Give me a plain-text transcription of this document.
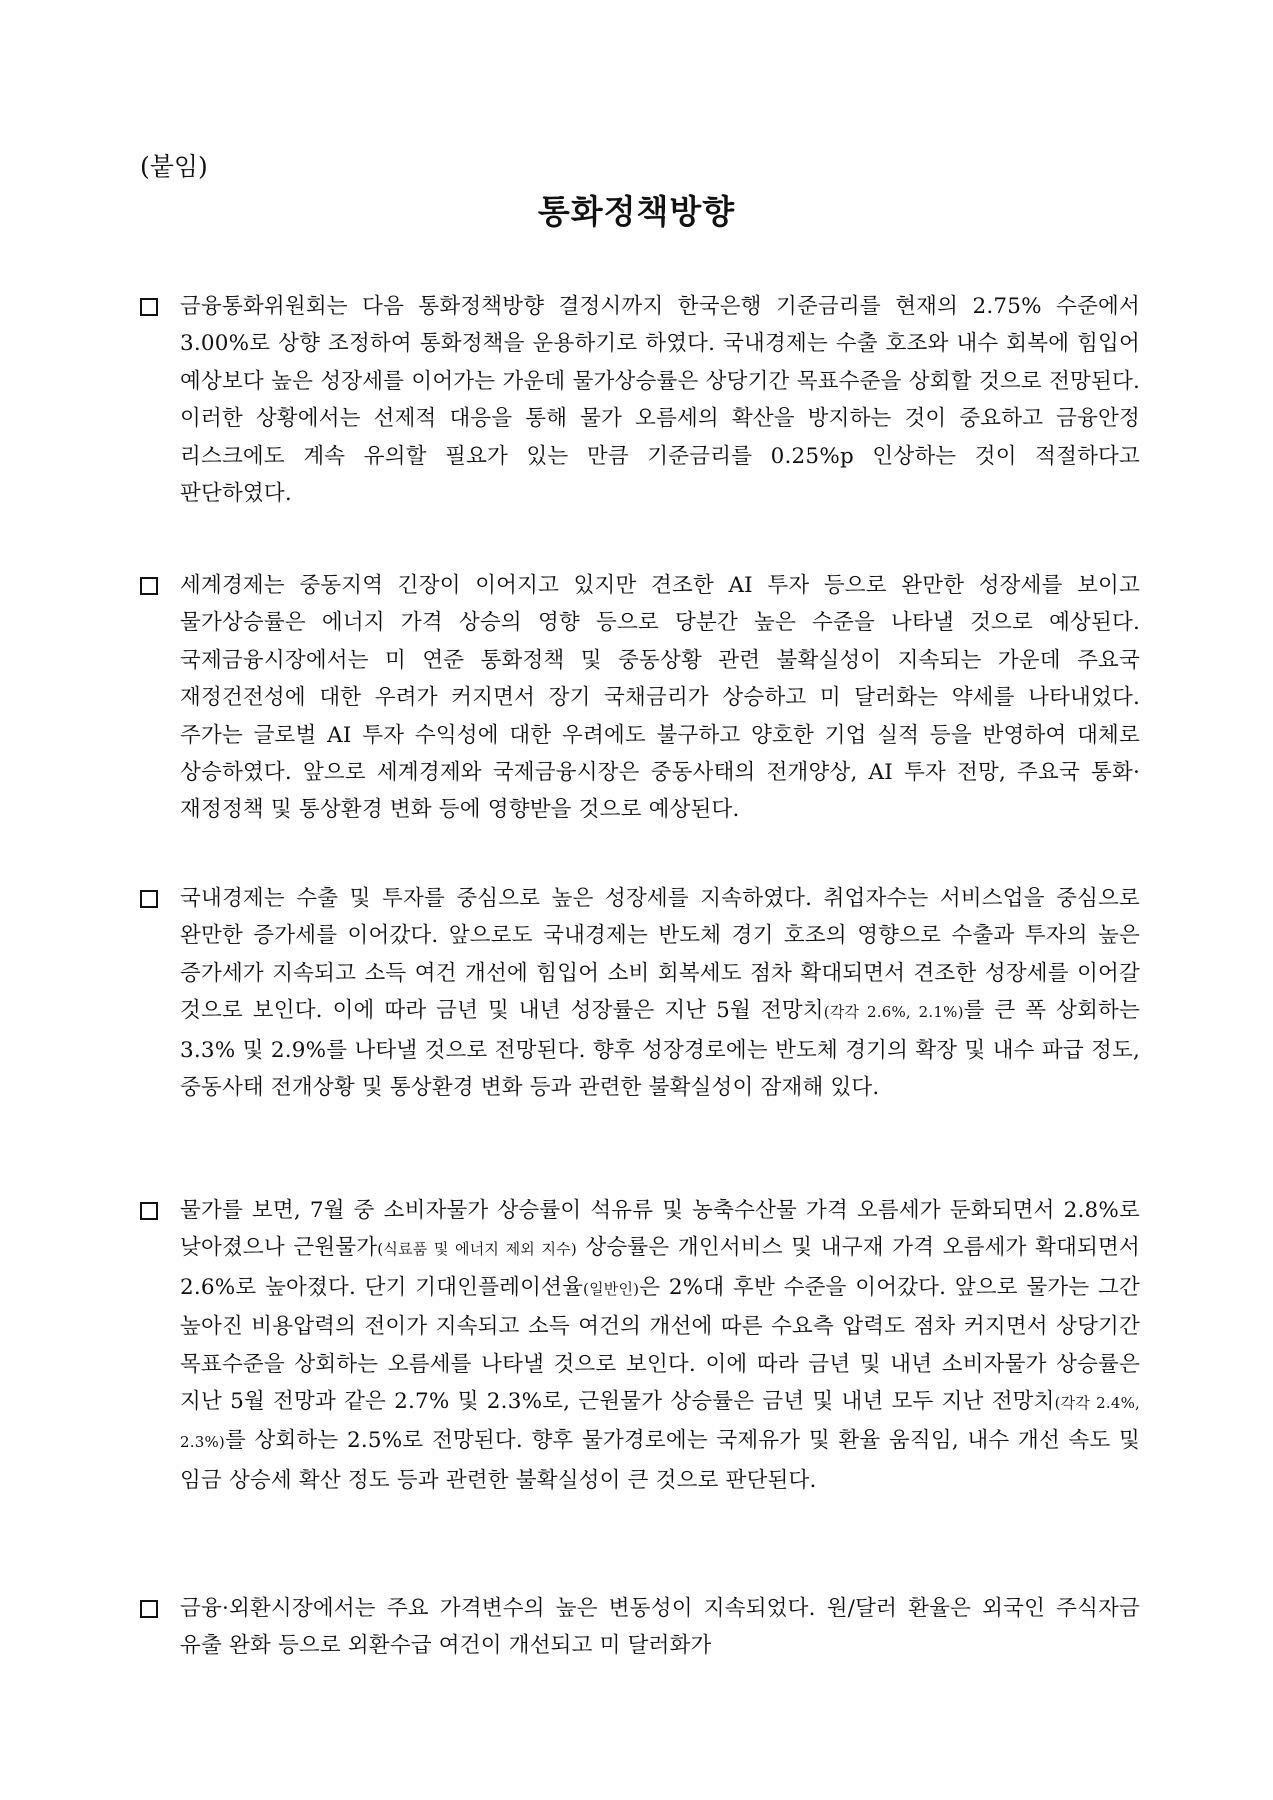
(붙임)
통화정책방향
금융통화위원회는 다음 통화정책방향 결정시까지 한국은행 기준금리를 현재의 2.75% 수준에서 3.00%로 상향 조정하여 통화정책을 운용하기로 하였다. 국내경제는 수출 호조와 내수 회복에 힘입어 예상보다 높은 성장세를 이어가는 가운데 물가상승률은 상당기간 목표수준을 상회할 것으로 전망된다. 이러한 상황에서는 선제적 대응을 통해 물가 오름세의 확산을 방지하는 것이 중요하고 금융안정 리스크에도 계속 유의할 필요가 있는 만큼 기준금리를 0.25%p 인상하는 것이 적절하다고 판단하였다.
세계경제는 중동지역 긴장이 이어지고 있지만 견조한 AI 투자 등으로 완만한 성장세를 보이고 물가상승률은 에너지 가격 상승의 영향 등으로 당분간 높은 수준을 나타낼 것으로 예상된다. 국제금융시장에서는 미 연준 통화정책 및 중동상황 관련 불확실성이 지속되는 가운데 주요국 재정건전성에 대한 우려가 커지면서 장기 국채금리가 상승하고 미 달러화는 약세를 나타내었다. 주가는 글로벌 AI 투자 수익성에 대한 우려에도 불구하고 양호한 기업 실적 등을 반영하여 대체로 상승하였다. 앞으로 세계경제와 국제금융시장은 중동사태의 전개양상, AI 투자 전망, 주요국 통화·재정정책 및 통상환경 변화 등에 영향받을 것으로 예상된다.
국내경제는 수출 및 투자를 중심으로 높은 성장세를 지속하였다. 취업자수는 서비스업을 중심으로 완만한 증가세를 이어갔다. 앞으로도 국내경제는 반도체 경기 호조의 영향으로 수출과 투자의 높은 증가세가 지속되고 소득 여건 개선에 힘입어 소비 회복세도 점차 확대되면서 견조한 성장세를 이어갈 것으로 보인다. 이에 따라 금년 및 내년 성장률은 지난 5월 전망치(각각 2.6%, 2.1%)를 큰 폭 상회하는 3.3% 및 2.9%를 나타낼 것으로 전망된다. 향후 성장경로에는 반도체 경기의 확장 및 내수 파급 정도, 중동사태 전개상황 및 통상환경 변화 등과 관련한 불확실성이 잠재해 있다.
물가를 보면, 7월 중 소비자물가 상승률이 석유류 및 농축수산물 가격 오름세가 둔화되면서 2.8%로 낮아졌으나 근원물가(식료품 및 에너지 제외 지수) 상승률은 개인서비스 및 내구재 가격 오름세가 확대되면서 2.6%로 높아졌다. 단기 기대인플레이션율(일반인)은 2%대 후반 수준을 이어갔다. 앞으로 물가는 그간 높아진 비용압력의 전이가 지속되고 소득 여건의 개선에 따른 수요측 압력도 점차 커지면서 상당기간 목표수준을 상회하는 오름세를 나타낼 것으로 보인다. 이에 따라 금년 및 내년 소비자물가 상승률은 지난 5월 전망과 같은 2.7% 및 2.3%로, 근원물가 상승률은 금년 및 내년 모두 지난 전망치(각각 2.4%, 2.3%)를 상회하는 2.5%로 전망된다. 향후 물가경로에는 국제유가 및 환율 움직임, 내수 개선 속도 및 임금 상승세 확산 정도 등과 관련한 불확실성이 큰 것으로 판단된다.
금융·외환시장에서는 주요 가격변수의 높은 변동성이 지속되었다. 원/달러 환율은 외국인 주식자금 유출 완화 등으로 외환수급 여건이 개선되고 미 달러화가
